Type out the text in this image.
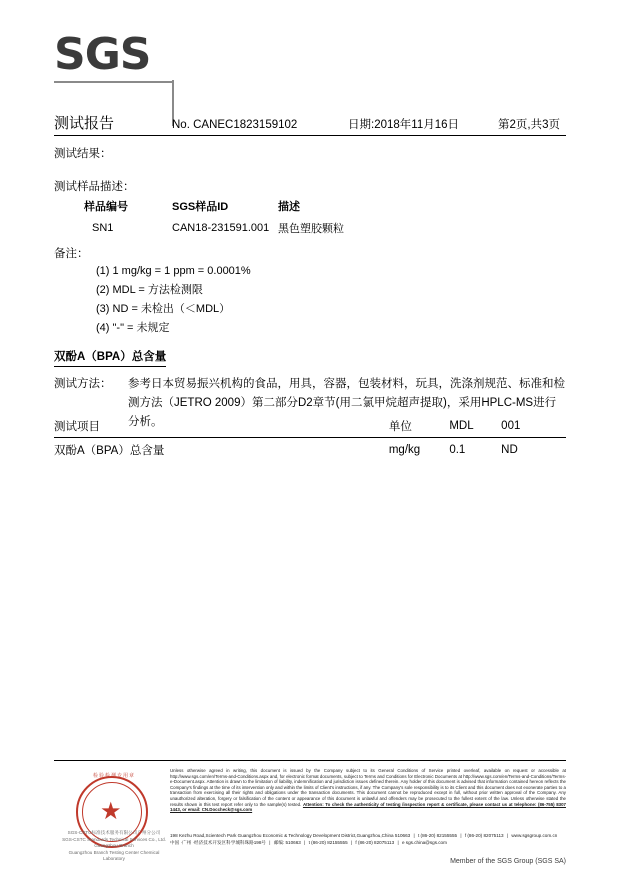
SGS
测试报告	No. CANEC1823159102	日期:2018年11月16日	第2页,共3页
测试结果：
测试样品描述：
样品编号	SGS样品ID	描述
SN1	CAN18-231591.001	黑色塑胶颗粒
备注：
(1) 1 mg/kg = 1 ppm = 0.0001%
(2) MDL = 方法检测限
(3) ND = 未检出（＜MDL）
(4) "-" = 未规定
双酚A（BPA）总含量
测试方法： 参考日本贸易振兴机构的食品，用具，容器，包装材料，玩具，洗涤剂规范、标准和检测方法（JETRO 2009）第二部分D2章节(用二氯甲烷超声提取)，采用HPLC-MS进行分析。
测试项目	单位	MDL	001
双酚A（BPA）总含量	mg/kg	0.1	ND
检验检测专用章
★
SGS-CSTC标准技术服务有限公司广州分公司
SGS-CSTC Standards Technical Services Co., Ltd. Guangzhou Branch
Guangzhou Branch Testing Center Chemical Laboratory
Unless otherwise agreed in writing, this document is issued by the Company subject to its General Conditions of Service printed overleaf, available on request or accessible at http://www.sgs.com/en/Terms-and-Conditions.aspx and, for electronic format documents, subject to Terms and Conditions for Electronic Documents at http://www.sgs.com/en/Terms-and-Conditions/Terms-e-Document.aspx. Attention is drawn to the limitation of liability, indemnification and jurisdiction issues defined therein. Any holder of this document is advised that information contained hereon reflects the Company's findings at the time of its intervention only and within the limits of Client's instructions, if any. The Company's sole responsibility is to its Client and this document does not exonerate parties to a transaction from exercising all their rights and obligations under the transaction documents. This document cannot be reproduced except in full, without prior written approval of the Company. Any unauthorized alteration, forgery or falsification of the content or appearance of this document is unlawful and offenders may be prosecuted to the fullest extent of the law. Unless otherwise stated the results shown in this test report refer only to the sample(s) tested. Attention: To check the authenticity of testing /inspection report & certificate, please contact us at telephone: (86-755) 8307 1443, or email: CN.Doccheck@sgs.com
198 Kezhu Road,Scientech Park Guangzhou Economic & Technology Development District,Guangzhou,China 510663 | t (86-20) 82155555 | f (86-20) 82075113 | www.sgsgroup.com.cn
中国 ·广州 ·经济技术开发区科学城科珠路198号 | 邮编: 510663 | t (86-20) 82155555 | f (86-20) 82075113 | e sgs.china@sgs.com
Member of the SGS Group (SGS SA)
